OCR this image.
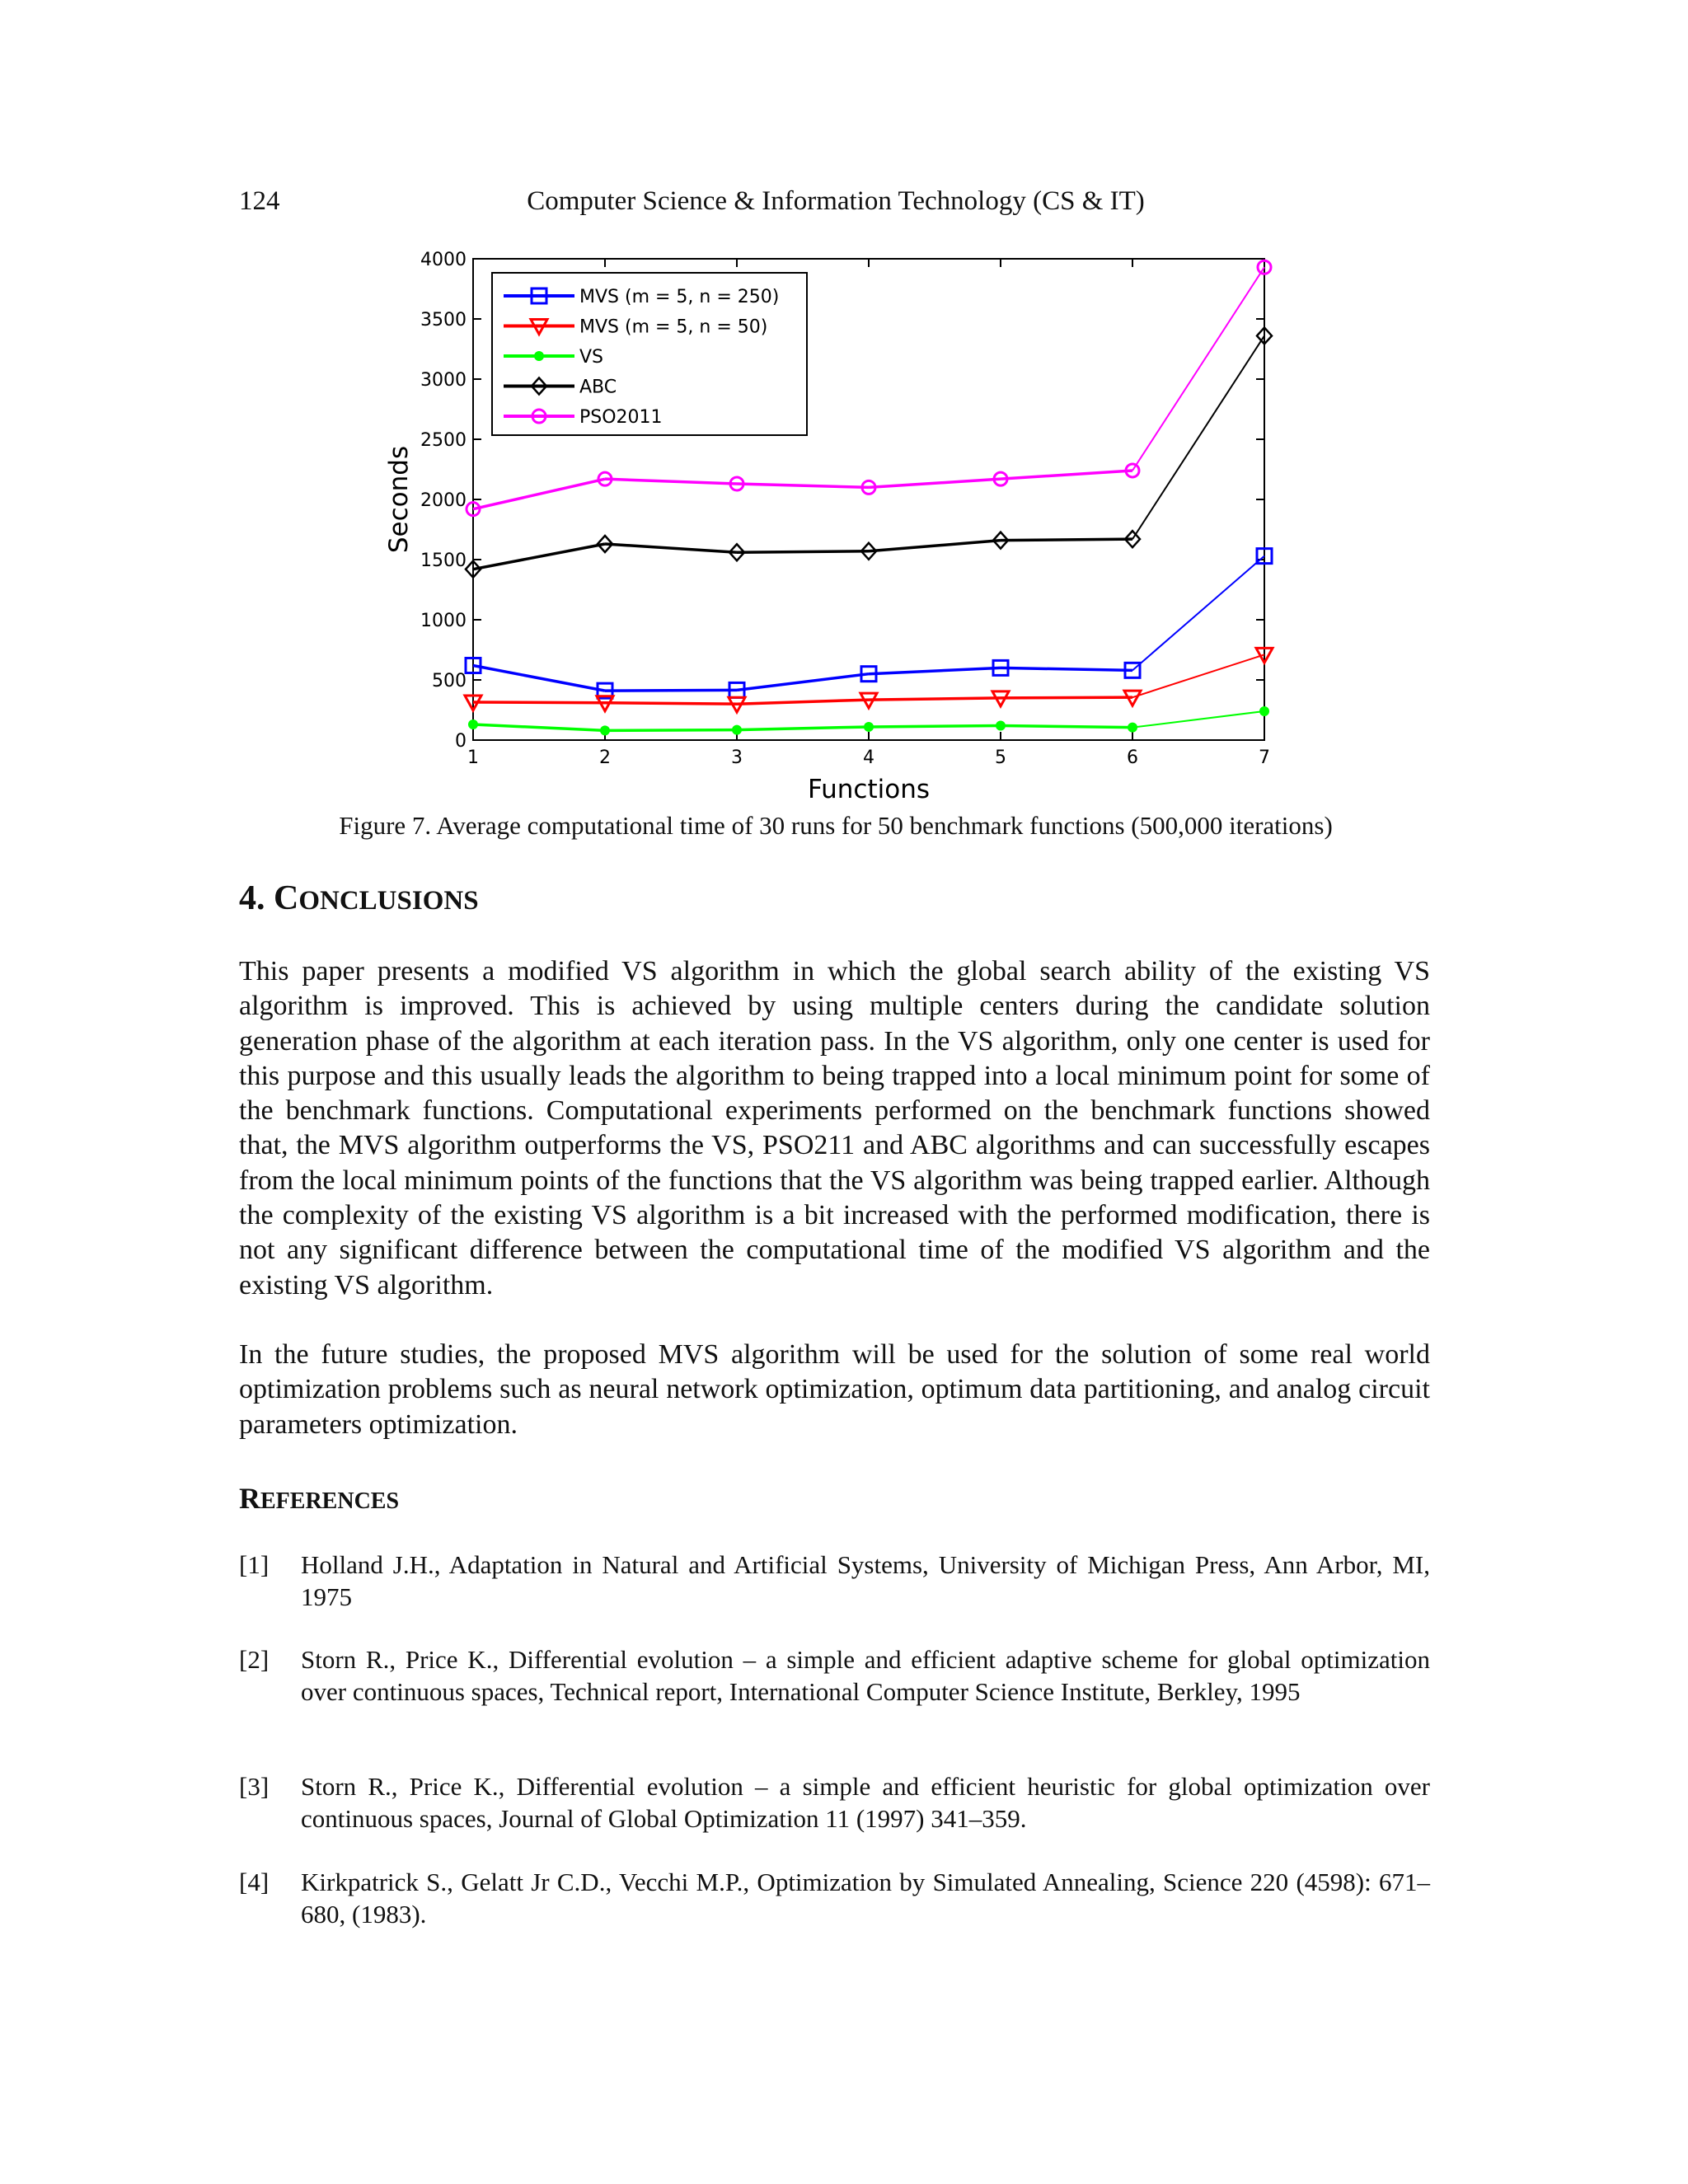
124	Computer Science & Information Technology (CS & IT)
0
500
1000
1500
2000
2500
3000
3500
4000
1	2	3	4	5	6	7
Functions
Seconds
MVS (m = 5, n = 250)
MVS (m = 5, n = 50)
VS
ABC
PSO2011
Figure 7. Average computational time of 30 runs for 50 benchmark functions (500,000 iterations)
4. CONCLUSIONS

This paper presents a modified VS algorithm in which the global search ability of the existing VS algorithm is improved. This is achieved by using multiple centers during the candidate solution generation phase of the algorithm at each iteration pass. In the VS algorithm, only one center is used for this purpose and this usually leads the algorithm to being trapped into a local minimum point for some of the benchmark functions. Computational experiments performed on the benchmark functions showed that, the MVS algorithm outperforms the VS, PSO211 and ABC algorithms and can successfully escapes from the local minimum points of the functions that the VS algorithm was being trapped earlier. Although the complexity of the existing VS algorithm is a bit increased with the performed modification, there is not any significant difference between the computational time of the modified VS algorithm and the existing VS algorithm.

In the future studies, the proposed MVS algorithm will be used for the solution of some real world optimization problems such as neural network optimization, optimum data partitioning, and analog circuit parameters optimization.

REFERENCES
[1] Holland J.H., Adaptation in Natural and Artificial Systems, University of Michigan Press, Ann Arbor, MI, 1975
[2] Storn R., Price K., Differential evolution – a simple and efficient adaptive scheme for global optimization over continuous spaces, Technical report, International Computer Science Institute, Berkley, 1995
[3] Storn R., Price K., Differential evolution – a simple and efficient heuristic for global optimization over continuous spaces, Journal of Global Optimization 11 (1997) 341–359.
[4] Kirkpatrick S., Gelatt Jr C.D., Vecchi M.P., Optimization by Simulated Annealing, Science 220 (4598): 671–680, (1983).
